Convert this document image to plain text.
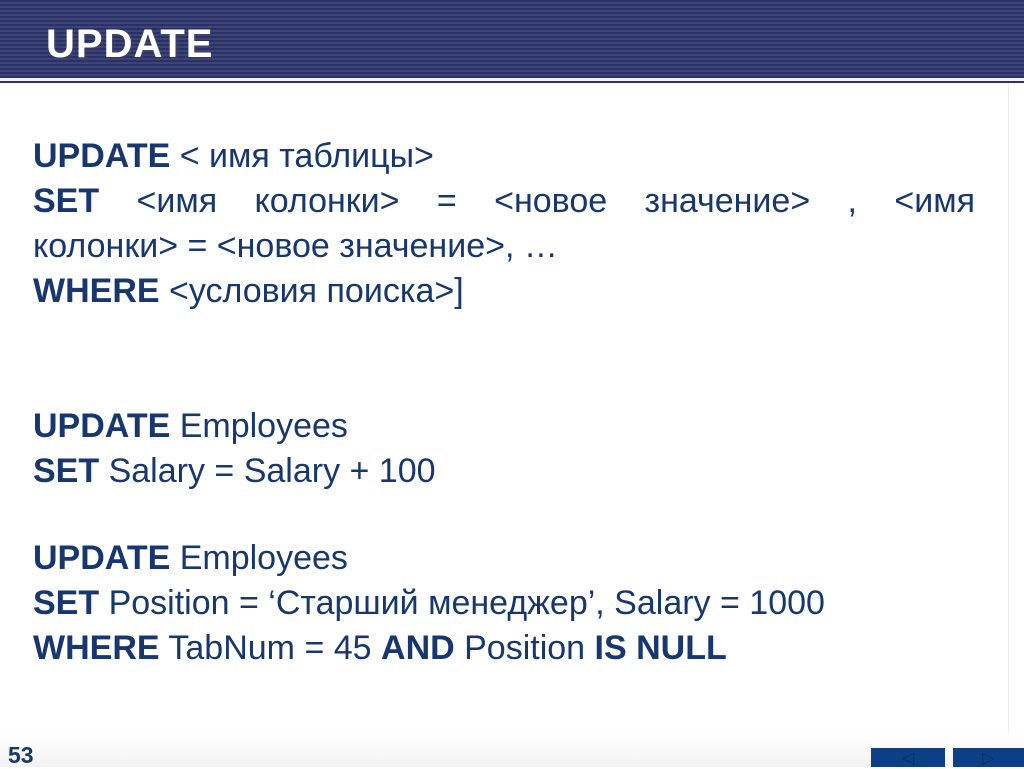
UPDATE
UPDATE < имя таблицы>
SET <имя колонки> = <новое значение> , <имя
колонки> = <новое значение>, …
WHERE <условия поиска>]
UPDATE Employees
SET Salary = Salary + 100
UPDATE Employees
SET Position = ‘Старший менеджер’, Salary = 1000
WHERE TabNum = 45 AND Position IS NULL
53	◁	▷
